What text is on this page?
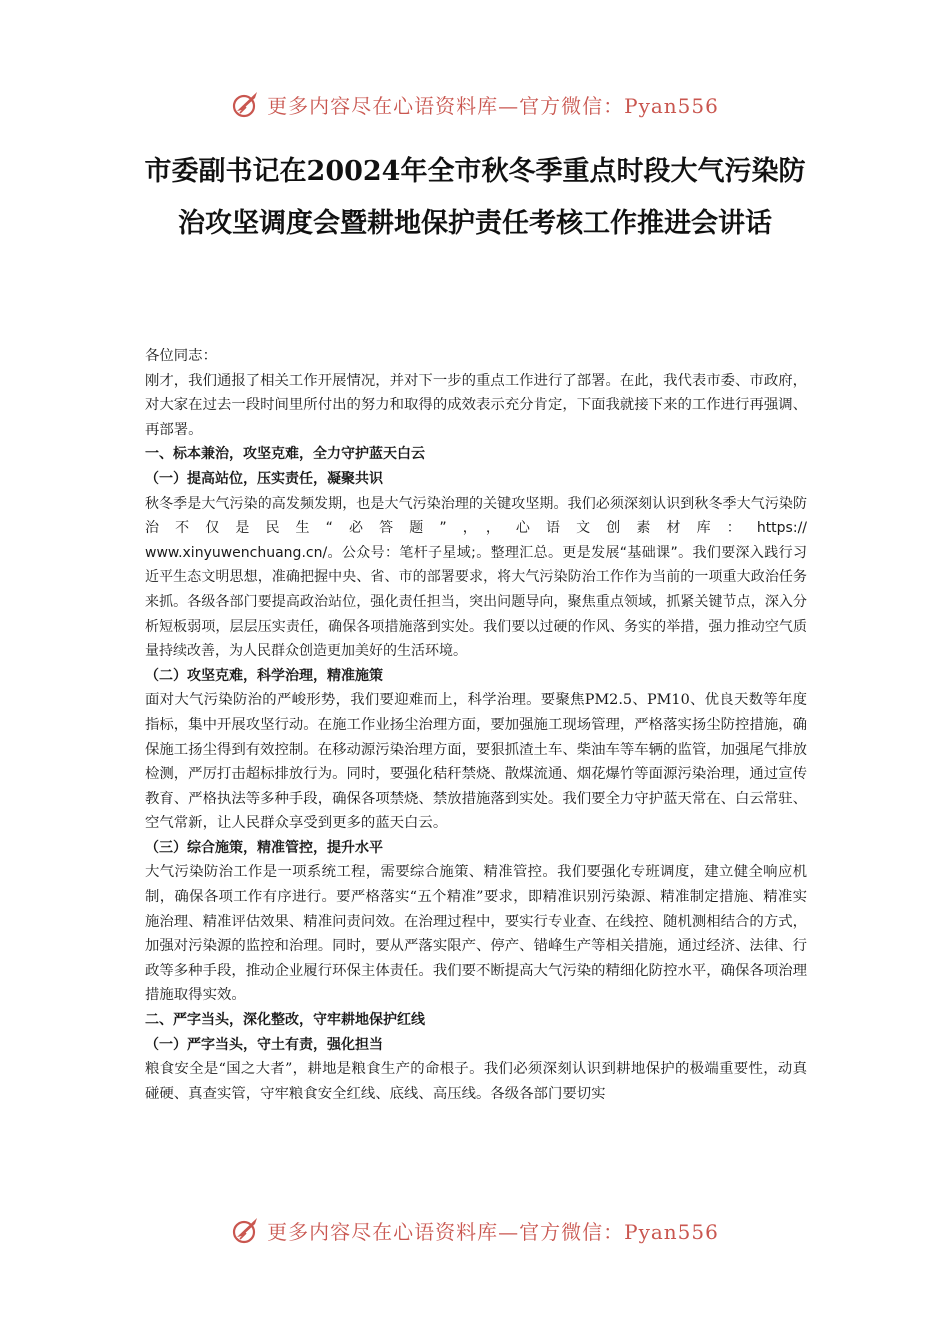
更多内容尽在心语资料库—官方微信：Pyan556
市委副书记在20024年全市秋冬季重点时段大气污染防治攻坚调度会暨耕地保护责任考核工作推进会讲话

各位同志：

刚才，我们通报了相关工作开展情况，并对下一步的重点工作进行了部署。在此，我代表市委、市政府，对大家在过去一段时间里所付出的努力和取得的成效表示充分肯定，下面我就接下来的工作进行再强调、再部署。

一、标本兼治，攻坚克难，全力守护蓝天白云

（一）提高站位，压实责任，凝聚共识

秋冬季是大气污染的高发频发期，也是大气污染治理的关键攻坚期。我们必须深刻认识到秋冬季大气污染防治不仅是民生“必答题”，，心语文创素材库：https://

www.xinyuwenchuang.cn/。公众号：笔杆子星域;。整理汇总。更是发展“基础课”。我们要深入践行习近平生态文明思想，准确把握中央、省、市的部署要求，将大气污染防治工作作为当前的一项重大政治任务来抓。各级各部门要提高政治站位，强化责任担当，突出问题导向，聚焦重点领域，抓紧关键节点，深入分析短板弱项，层层压实责任，确保各项措施落到实处。我们要以过硬的作风、务实的举措，强力推动空气质量持续改善，为人民群众创造更加美好的生活环境。

（二）攻坚克难，科学治理，精准施策

面对大气污染防治的严峻形势，我们要迎难而上，科学治理。要聚焦PM2.5、PM10、优良天数等年度指标，集中开展攻坚行动。在施工作业扬尘治理方面，要加强施工现场管理，严格落实扬尘防控措施，确保施工扬尘得到有效控制。在移动源污染治理方面，要狠抓渣土车、柴油车等车辆的监管，加强尾气排放检测，严厉打击超标排放行为。同时，要强化秸秆禁烧、散煤流通、烟花爆竹等面源污染治理，通过宣传教育、严格执法等多种手段，确保各项禁烧、禁放措施落到实处。我们要全力守护蓝天常在、白云常驻、空气常新，让人民群众享受到更多的蓝天白云。

（三）综合施策，精准管控，提升水平

大气污染防治工作是一项系统工程，需要综合施策、精准管控。我们要强化专班调度，建立健全响应机制，确保各项工作有序进行。要严格落实“五个精准”要求，即精准识别污染源、精准制定措施、精准实施治理、精准评估效果、精准问责问效。在治理过程中，要实行专业查、在线控、随机测相结合的方式，加强对污染源的监控和治理。同时，要从严落实限产、停产、错峰生产等相关措施，通过经济、法律、行政等多种手段，推动企业履行环保主体责任。我们要不断提高大气污染的精细化防控水平，确保各项治理措施取得实效。

二、严字当头，深化整改，守牢耕地保护红线

（一）严字当头，守土有责，强化担当

粮食安全是“国之大者”，耕地是粮食生产的命根子。我们必须深刻认识到耕地保护的极端重要性，动真碰硬、真查实管，守牢粮食安全红线、底线、高压线。各级各部门要切实

更多内容尽在心语资料库—官方微信：Pyan556
